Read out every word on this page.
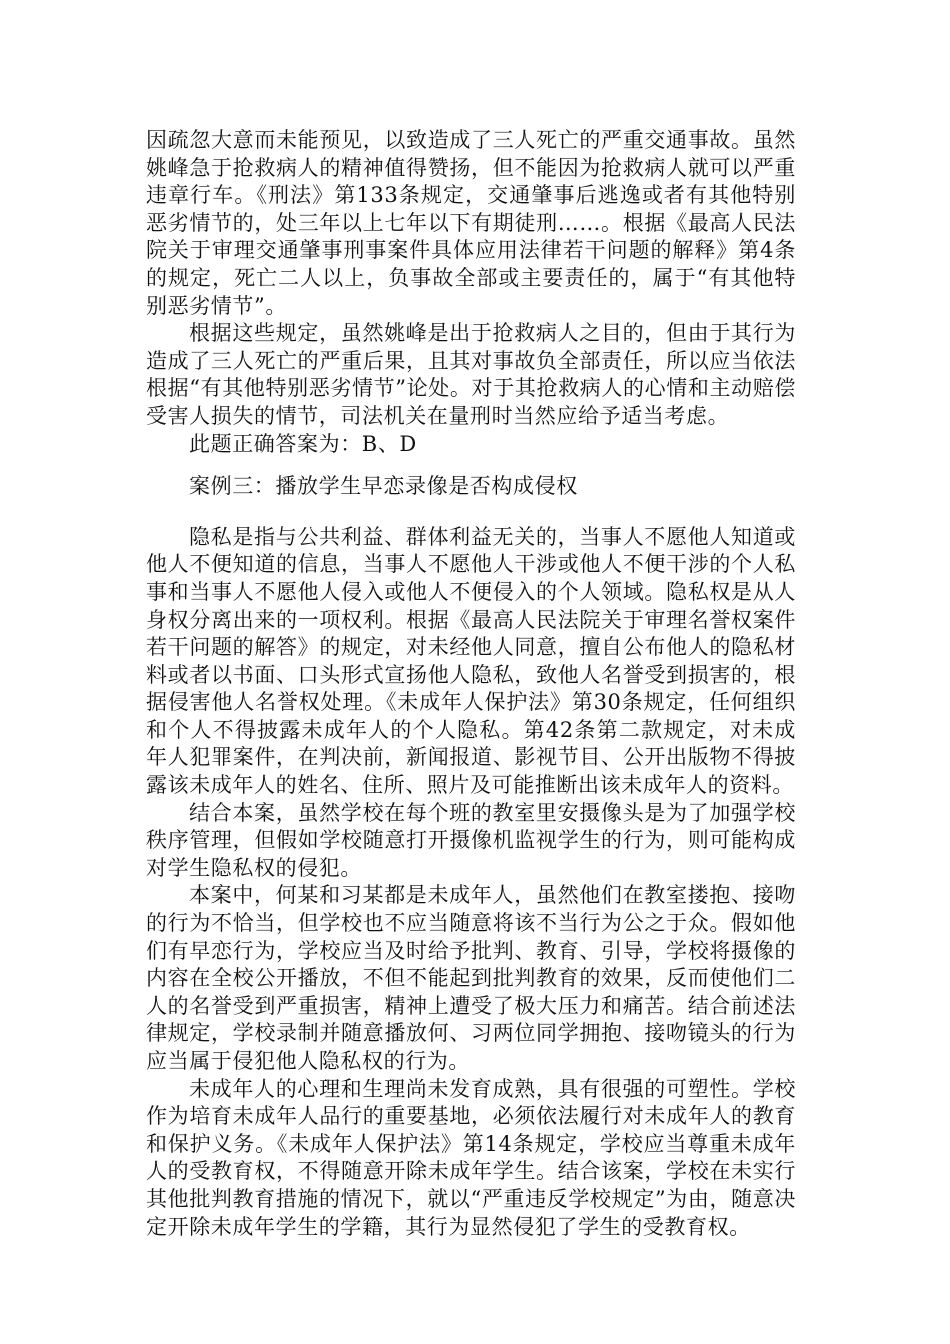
因疏忽大意而未能预见，以致造成了三人死亡的严重交通事故。虽然姚峰急于抢救病人的精神值得赞扬，但不能因为抢救病人就可以严重违章行车。《刑法》第133条规定，交通肇事后逃逸或者有其他特别恶劣情节的，处三年以上七年以下有期徒刑……。根据《最高人民法院关于审理交通肇事刑事案件具体应用法律若干问题的解释》第4条的规定，死亡二人以上，负事故全部或主要责任的，属于“有其他特别恶劣情节”。

根据这些规定，虽然姚峰是出于抢救病人之目的，但由于其行为造成了三人死亡的严重后果，且其对事故负全部责任，所以应当依法根据“有其他特别恶劣情节”论处。对于其抢救病人的心情和主动赔偿受害人损失的情节，司法机关在量刑时当然应给予适当考虑。

此题正确答案为：B、D

案例三：播放学生早恋录像是否构成侵权

隐私是指与公共利益、群体利益无关的，当事人不愿他人知道或他人不便知道的信息，当事人不愿他人干涉或他人不便干涉的个人私事和当事人不愿他人侵入或他人不便侵入的个人领域。隐私权是从人身权分离出来的一项权利。根据《最高人民法院关于审理名誉权案件若干问题的解答》的规定，对未经他人同意，擅自公布他人的隐私材料或者以书面、口头形式宣扬他人隐私，致他人名誉受到损害的，根据侵害他人名誉权处理。《未成年人保护法》第30条规定，任何组织和个人不得披露未成年人的个人隐私。第42条第二款规定，对未成年人犯罪案件，在判决前，新闻报道、影视节目、公开出版物不得披露该未成年人的姓名、住所、照片及可能推断出该未成年人的资料。

结合本案，虽然学校在每个班的教室里安摄像头是为了加强学校秩序管理，但假如学校随意打开摄像机监视学生的行为，则可能构成对学生隐私权的侵犯。

本案中，何某和习某都是未成年人，虽然他们在教室搂抱、接吻的行为不恰当，但学校也不应当随意将该不当行为公之于众。假如他们有早恋行为，学校应当及时给予批判、教育、引导，学校将摄像的内容在全校公开播放，不但不能起到批判教育的效果，反而使他们二人的名誉受到严重损害，精神上遭受了极大压力和痛苦。结合前述法律规定，学校录制并随意播放何、习两位同学拥抱、接吻镜头的行为应当属于侵犯他人隐私权的行为。

未成年人的心理和生理尚未发育成熟，具有很强的可塑性。学校作为培育未成年人品行的重要基地，必须依法履行对未成年人的教育和保护义务。《未成年人保护法》第14条规定，学校应当尊重未成年人的受教育权，不得随意开除未成年学生。结合该案，学校在未实行其他批判教育措施的情况下，就以“严重违反学校规定”为由，随意决定开除未成年学生的学籍，其行为显然侵犯了学生的受教育权。
